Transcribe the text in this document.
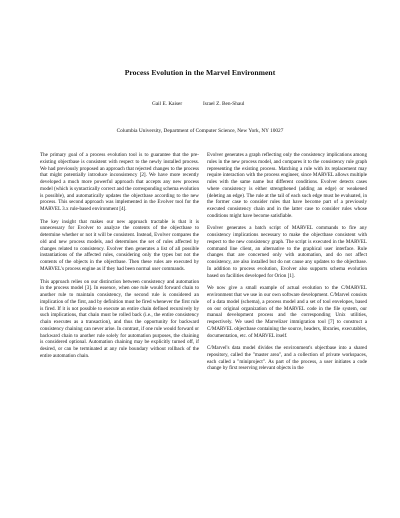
Process Evolution in the Marvel Environment
Gail E. Kaiser	Israel Z. Ben-Shaul
Columbia University, Department of Computer Science, New York, NY 10027

The primary goal of a process evolution tool is to guarantee that the pre-existing objectbase is consistent with respect to the newly installed process. We had previously proposed an approach that rejected changes to the process that might potentially introduce inconsistency [2]. We have more recently developed a much more powerful approach that accepts any new process model (which is syntactically correct and the corresponding schema evolution is possible), and automatically updates the objectbase according to the new process. This second approach was implemented in the Evolver tool for the MARVEL 3.x rule-based environment [4].

The key insight that makes our new approach tractable is that it is unnecessary for Evolver to analyze the contents of the objectbase to determine whether or not it will be consistent. Instead, Evolver compares the old and new process models, and determines the set of rules affected by changes related to consistency. Evolver then generates a list of all possible instantiations of the affected rules, considering only the types but not the contents of the objects in the objectbase. Then these rules are executed by MARVEL's process engine as if they had been normal user commands.

This approach relies on our distinction between consistency and automation in the process model [3]. In essence, when one rule would forward chain to another rule to maintain consistency, the second rule is considered an implication of the first, and by definition must be fired whenever the first rule is fired. If it is not possible to execute an entire chain defined recursively by such implications, that chain must be rolled back (i.e., the entire consistency chain executes as a transaction), and thus the opportunity for backward consistency chaining can never arise. In contrast, if one rule would forward or backward chain to another rule solely for automation purposes, the chaining is considered optional. Automation chaining may be explicitly turned off, if desired, or can be terminated at any rule boundary without rollback of the entire automation chain.

Evolver generates a graph reflecting only the consistency implications among rules in the new process model, and compares it to the consistency rule graph representing the existing process. Matching a rule with its replacement may require interaction with the process engineer, since MARVEL allows multiple rules with the same name but different conditions. Evolver detects cases where consistency is either strengthened (adding an edge) or weakened (deleting an edge). The rule at the tail of each such edge must be evaluated, in the former case to consider rules that have become part of a previously executed consistency chain and in the latter case to consider rules whose conditions might have become satisfiable.

Evolver generates a batch script of MARVEL commands to fire any consistency implications necessary to make the objectbase consistent with respect to the new consistency graph. The script is executed in the MARVEL command line client, an alternative to the graphical user interface. Rule changes that are concerned only with automation, and do not affect consistency, are also installed but do not cause any updates to the objectbase. In addition to process evolution, Evolver also supports schema evolution based on facilities developed for Orion [1].

We now give a small example of actual evolution to the C/MARVEL environment that we use in our own software development. C/Marvel consists of a data model (schema), a process model and a set of tool envelopes, based on our original organization of the MARVEL code in the file system, our manual development process and the corresponding Unix utilities, respectively. We used the Marvelizer immigration tool [7] to construct a C/MARVEL objectbase containing the source, headers, libraries, executables, documentation, etc. of MARVEL itself.

C/Marvel's data model divides the environment's objectbase into a shared repository, called the "master area", and a collection of private workspaces, each called a "miniproject". As part of the process, a user initiates a code change by first reserving relevant objects in the
